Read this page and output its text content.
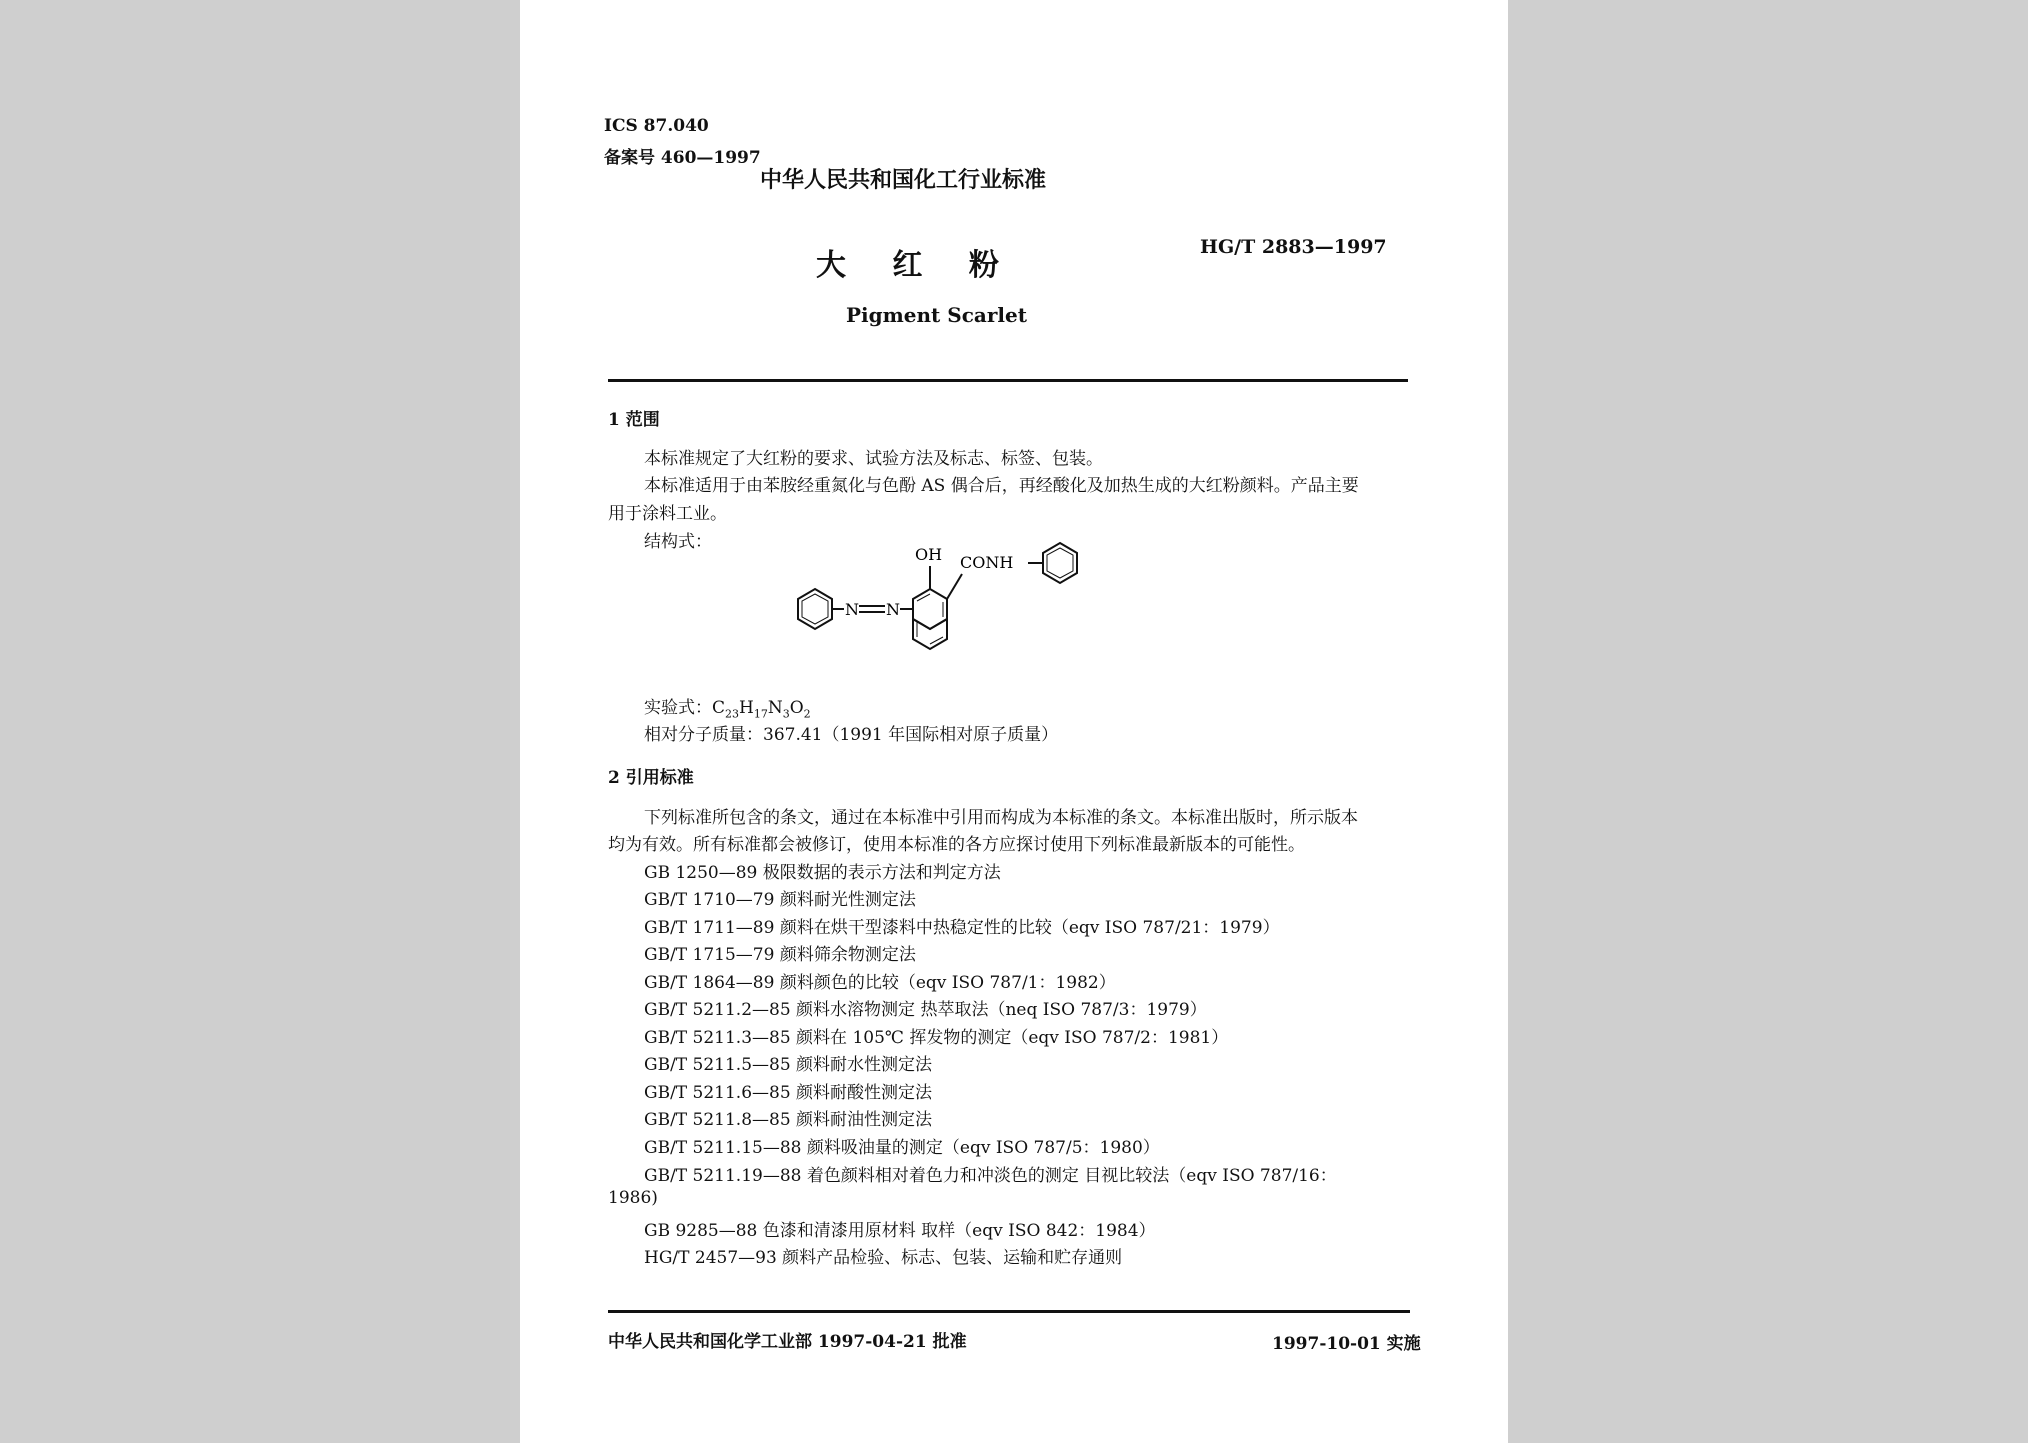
ICS 87.040
备案号 460—1997
中华人民共和国化工行业标准
大 红 粉
HG/T 2883—1997
Pigment Scarlet
1 范围
本标准规定了大红粉的要求、试验方法及标志、标签、包装。
本标准适用于由苯胺经重氮化与色酚 AS 偶合后，再经酸化及加热生成的大红粉颜料。产品主要
用于涂料工业。
结构式：
N N
OH CONH
实验式：$C_{23}H_{17}N_3O_2$
相对分子质量：367.41（1991 年国际相对原子质量）
2 引用标准
下列标准所包含的条文，通过在本标准中引用而构成为本标准的条文。本标准出版时，所示版本
均为有效。所有标准都会被修订，使用本标准的各方应探讨使用下列标准最新版本的可能性。
GB 1250—89 极限数据的表示方法和判定方法
GB/T 1710—79 颜料耐光性测定法
GB/T 1711—89 颜料在烘干型漆料中热稳定性的比较（eqv ISO 787/21：1979）
GB/T 1715—79 颜料筛余物测定法
GB/T 1864—89 颜料颜色的比较（eqv ISO 787/1：1982）
GB/T 5211.2—85 颜料水溶物测定 热萃取法（neq ISO 787/3：1979）
GB/T 5211.3—85 颜料在 105℃ 挥发物的测定（eqv ISO 787/2：1981）
GB/T 5211.5—85 颜料耐水性测定法
GB/T 5211.6—85 颜料耐酸性测定法
GB/T 5211.8—85 颜料耐油性测定法
GB/T 5211.15—88 颜料吸油量的测定（eqv ISO 787/5：1980）
GB/T 5211.19—88 着色颜料相对着色力和冲淡色的测定 目视比较法（eqv ISO 787/16：
1986)
GB 9285—88 色漆和清漆用原材料 取样（eqv ISO 842：1984）
HG/T 2457—93 颜料产品检验、标志、包装、运输和贮存通则
中华人民共和国化学工业部 1997-04-21 批准	1997-10-01 实施
